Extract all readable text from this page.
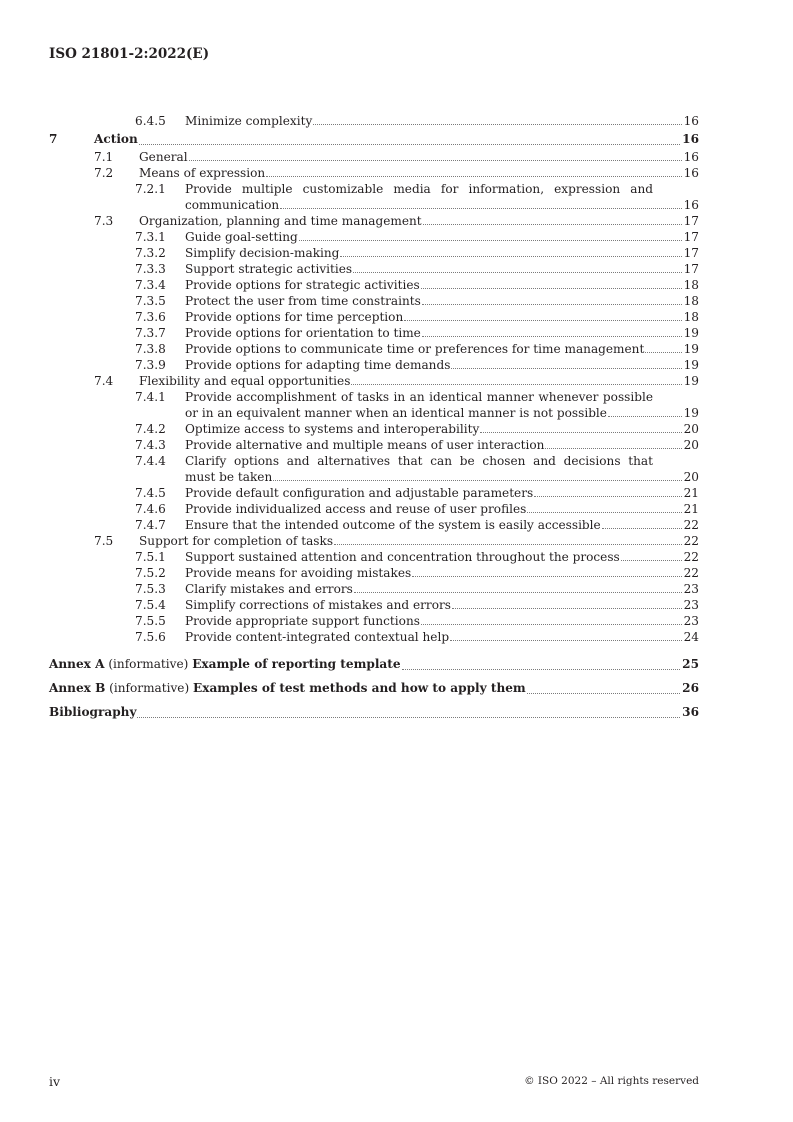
ISO 21801-2:2022(E)
6.4.5 Minimize complexity	16
7	Action	16
7.1 General	16
7.2 Means of expression	16
7.2.1 Provide multiple customizable media for information, expression and
communication	16
7.3 Organization, planning and time management	17
7.3.1 Guide goal-setting	17
7.3.2 Simplify decision-making	17
7.3.3 Support strategic activities	17
7.3.4 Provide options for strategic activities	18
7.3.5 Protect the user from time constraints	18
7.3.6 Provide options for time perception	18
7.3.7 Provide options for orientation to time	19
7.3.8 Provide options to communicate time or preferences for time management	19
7.3.9 Provide options for adapting time demands	19
7.4 Flexibility and equal opportunities	19
7.4.1 Provide accomplishment of tasks in an identical manner whenever possible
or in an equivalent manner when an identical manner is not possible	19
7.4.2 Optimize access to systems and interoperability	20
7.4.3 Provide alternative and multiple means of user interaction	20
7.4.4 Clarify options and alternatives that can be chosen and decisions that
must be taken	20
7.4.5 Provide default configuration and adjustable parameters	21
7.4.6 Provide individualized access and reuse of user profiles	21
7.4.7 Ensure that the intended outcome of the system is easily accessible	22
7.5 Support for completion of tasks	22
7.5.1 Support sustained attention and concentration throughout the process	22
7.5.2 Provide means for avoiding mistakes	22
7.5.3 Clarify mistakes and errors	23
7.5.4 Simplify corrections of mistakes and errors	23
7.5.5 Provide appropriate support functions	23
7.5.6 Provide content-integrated contextual help	24
Annex A (informative) Example of reporting template	25
Annex B (informative) Examples of test methods and how to apply them	26
Bibliography	36
iv	© ISO 2022 – All rights reserved
